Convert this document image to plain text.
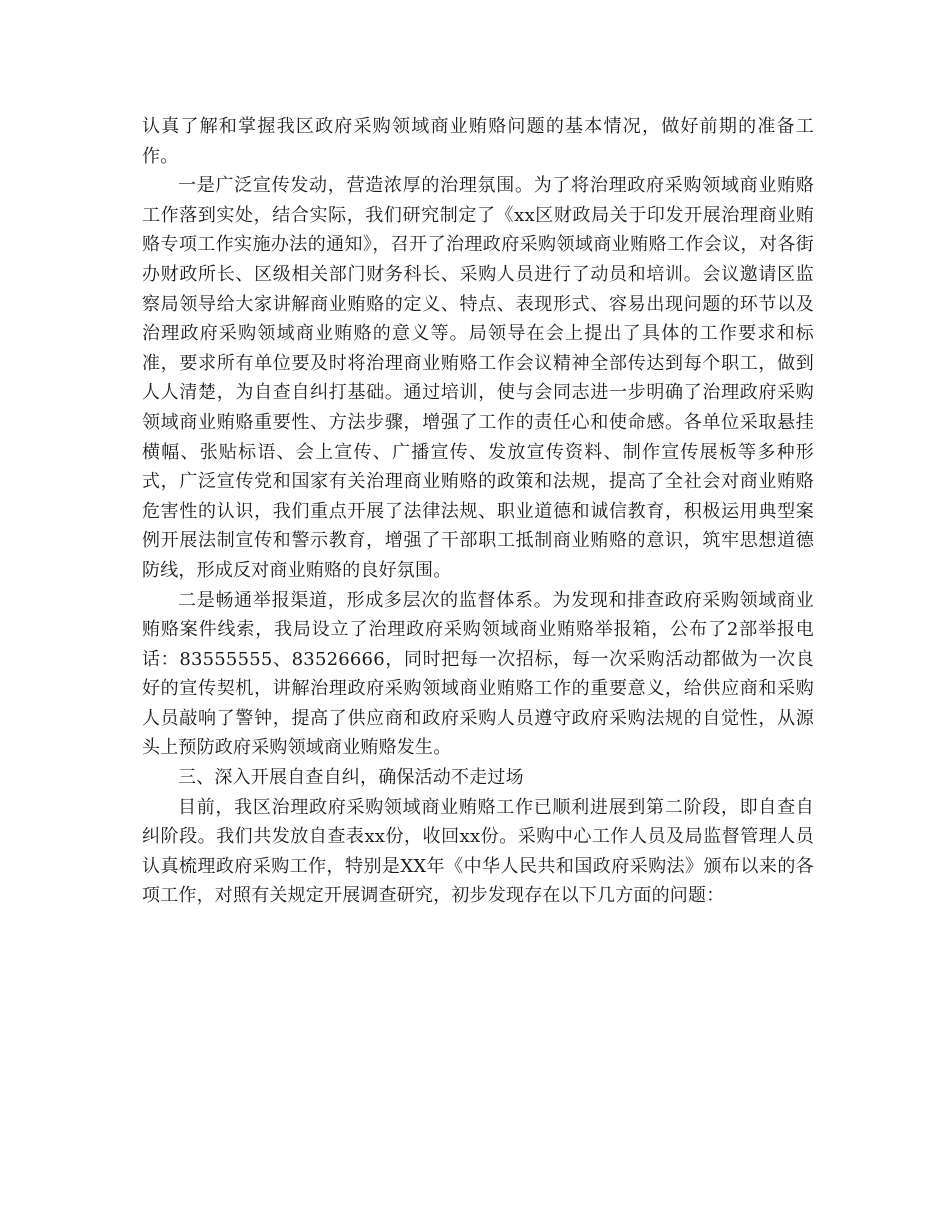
认真了解和掌握我区政府采购领域商业贿赂问题的基本情况，做好前期的准备工作。

一是广泛宣传发动，营造浓厚的治理氛围。为了将治理政府采购领域商业贿赂工作落到实处，结合实际，我们研究制定了《xx区财政局关于印发开展治理商业贿赂专项工作实施办法的通知》，召开了治理政府采购领域商业贿赂工作会议，对各街办财政所长、区级相关部门财务科长、采购人员进行了动员和培训。会议邀请区监察局领导给大家讲解商业贿赂的定义、特点、表现形式、容易出现问题的环节以及治理政府采购领域商业贿赂的意义等。局领导在会上提出了具体的工作要求和标准，要求所有单位要及时将治理商业贿赂工作会议精神全部传达到每个职工，做到人人清楚，为自查自纠打基础。通过培训，使与会同志进一步明确了治理政府采购领域商业贿赂重要性、方法步骤，增强了工作的责任心和使命感。各单位采取悬挂横幅、张贴标语、会上宣传、广播宣传、发放宣传资料、制作宣传展板等多种形式，广泛宣传党和国家有关治理商业贿赂的政策和法规，提高了全社会对商业贿赂危害性的认识，我们重点开展了法律法规、职业道德和诚信教育，积极运用典型案例开展法制宣传和警示教育，增强了干部职工抵制商业贿赂的意识，筑牢思想道德防线，形成反对商业贿赂的良好氛围。

二是畅通举报渠道，形成多层次的监督体系。为发现和排查政府采购领域商业贿赂案件线索，我局设立了治理政府采购领域商业贿赂举报箱，公布了2部举报电话：83555555、83526666，同时把每一次招标，每一次采购活动都做为一次良好的宣传契机，讲解治理政府采购领域商业贿赂工作的重要意义，给供应商和采购人员敲响了警钟，提高了供应商和政府采购人员遵守政府采购法规的自觉性，从源头上预防政府采购领域商业贿赂发生。

三、深入开展自查自纠，确保活动不走过场

目前，我区治理政府采购领域商业贿赂工作已顺利进展到第二阶段，即自查自纠阶段。我们共发放自查表xx份，收回xx份。采购中心工作人员及局监督管理人员认真梳理政府采购工作，特别是XX年《中华人民共和国政府采购法》颁布以来的各项工作，对照有关规定开展调查研究，初步发现存在以下几方面的问题：
